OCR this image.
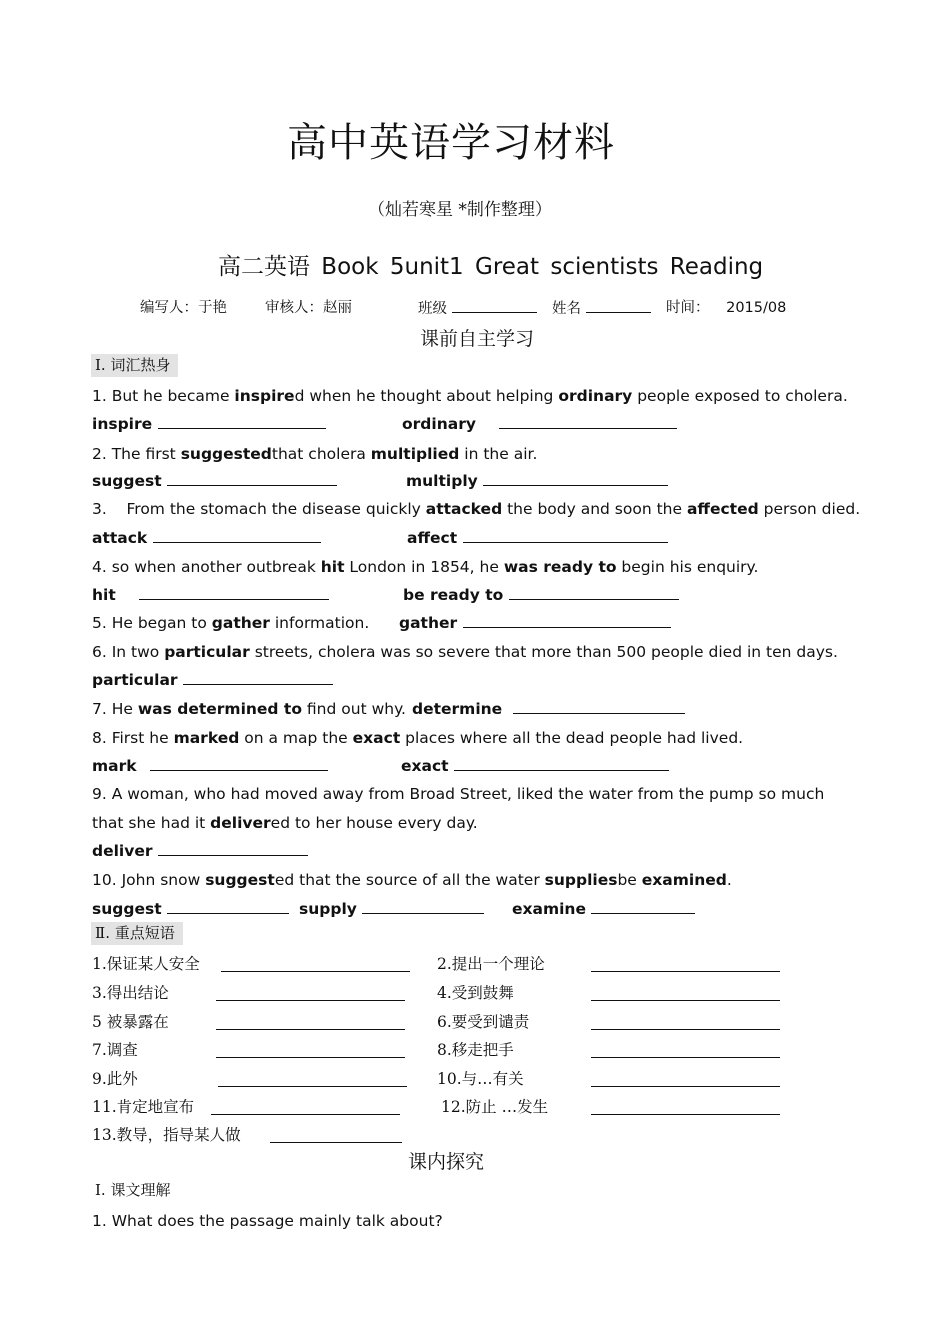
高中英语学习材料
（灿若寒星 *制作整理）
高二英语 Book 5unit1 Great scientists Reading
编写人：于艳	审核人：赵丽	班级	姓名	时间： 2015/08
课前自主学习
Ⅰ. 词汇热身
1. But he became inspired when he thought about helping ordinary people exposed to cholera.
inspire	ordinary
2. The first suggestedthat cholera multiplied in the air.
suggest	multiply
3.    From the stomach the disease quickly attacked the body and soon the affected person died.
attack	affect
4. so when another outbreak hit London in 1854, he was ready to begin his enquiry.
hit	be ready to
5. He began to gather information. gather
6. In two particular streets, cholera was so severe that more than 500 people died in ten days.
particular
7. He was determined to find out why. determine
8. First he marked on a map the exact places where all the dead people had lived.
mark	exact
9. A woman, who had moved away from Broad Street, liked the water from the pump so much
that she had it delivered to her house every day.
deliver
10. John snow suggested that the source of all the water suppliesbe examined.
suggest	supply	examine
Ⅱ. 重点短语
1.保证某人安全	2.提出一个理论
3.得出结论	4.受到鼓舞
5 被暴露在	6.要受到谴责
7.调查	8.移走把手
9.此外	10.与…有关
11.肯定地宣布	12.防止 …发生
13.教导，指导某人做
课内探究
Ⅰ. 课文理解
1. What does the passage mainly talk about?
